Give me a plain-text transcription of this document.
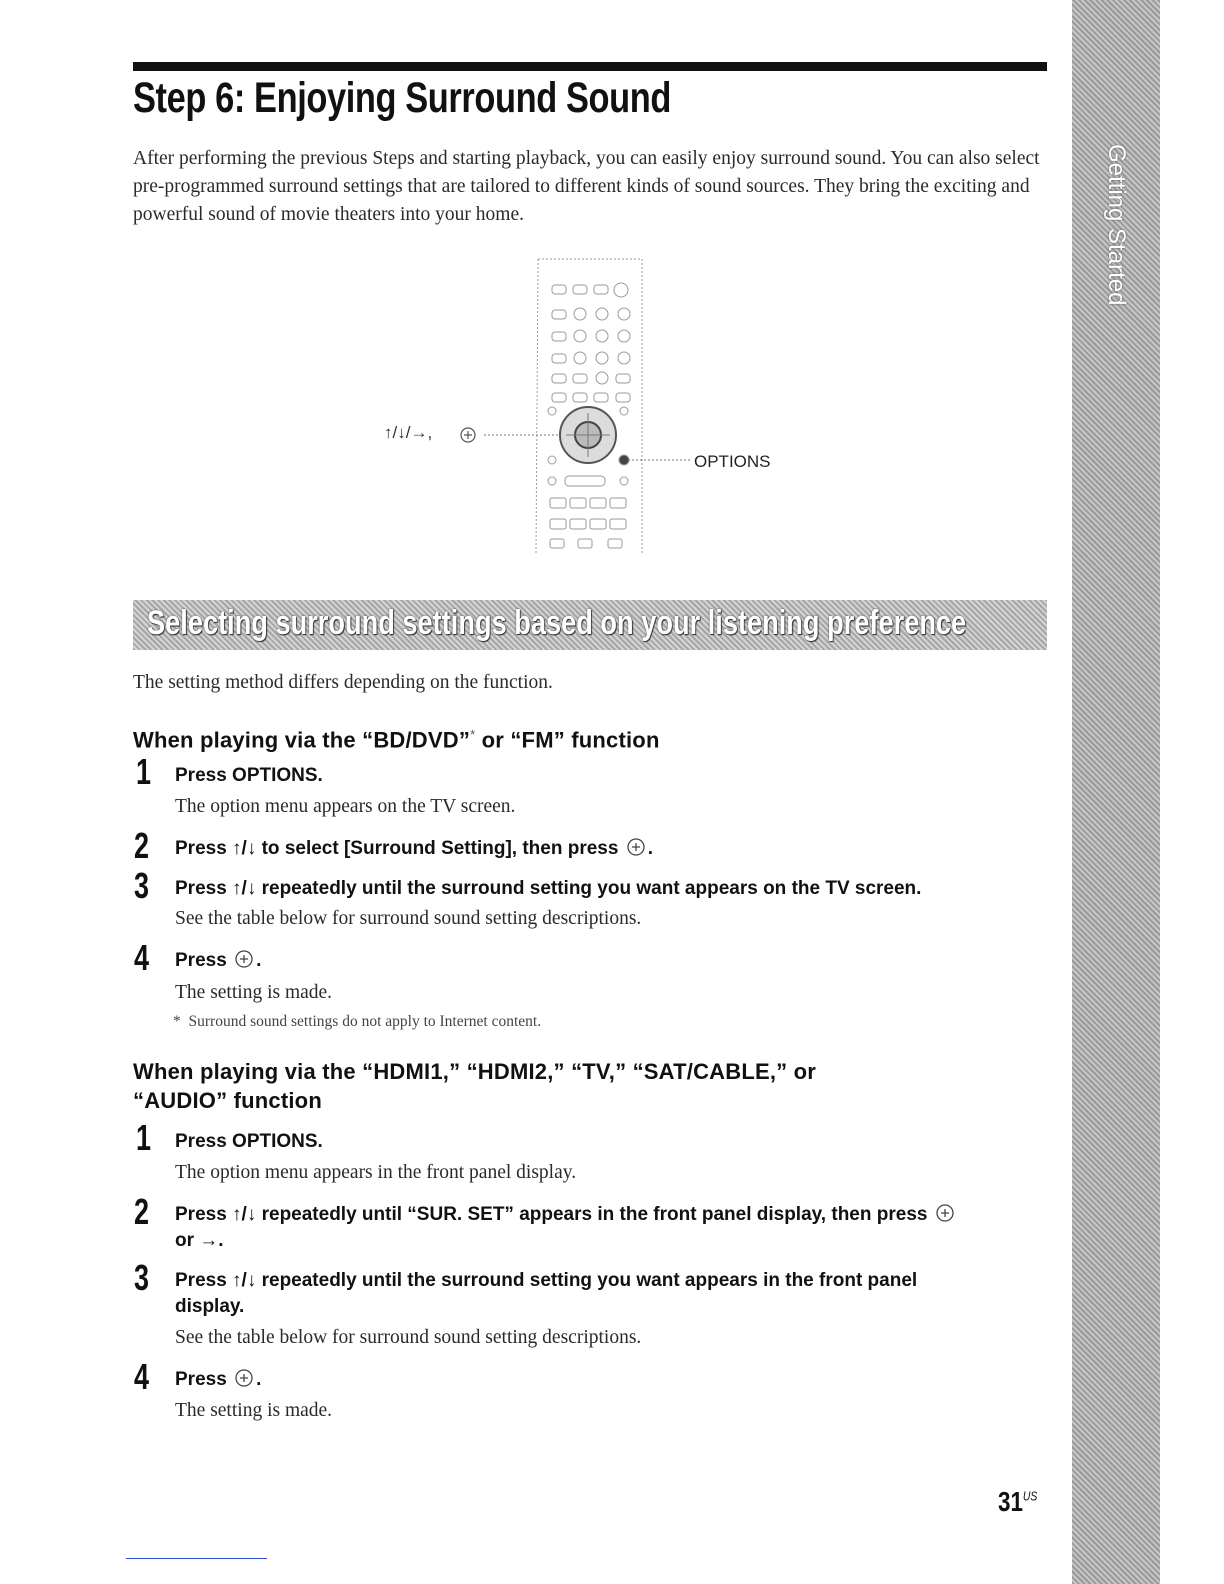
Step 6: Enjoying Surround Sound

After performing the previous Steps and starting playback, you can easily enjoy surround sound. You can also select pre-programmed surround settings that are tailored to different kinds of sound sources. They bring the exciting and powerful sound of movie theaters into your home.	Getting Started
↑/↓/→,
OPTIONS
Selecting surround settings based on your listening preference

The setting method differs depending on the function.

When playing via the “BD/DVD”* or “FM” function
1 Press OPTIONS.

The option menu appears on the TV screen.

2 Press ↑/↓ to select [Surround Setting], then press .
3 Press ↑/↓ repeatedly until the surround setting you want appears on the TV screen.

See the table below for surround sound setting descriptions.

4 Press .

The setting is made.

* Surround sound settings do not apply to Internet content.
When playing via the “HDMI1,” “HDMI2,” “TV,” “SAT/CABLE,” or
“AUDIO” function
1 Press OPTIONS.

The option menu appears in the front panel display.

2 Press ↑/↓ repeatedly until “SUR. SET” appears in the front panel display, then press
or →.
3 Press ↑/↓ repeatedly until the surround setting you want appears in the front panel
display.

See the table below for surround sound setting descriptions.

4 Press .

The setting is made.

$31^{US}$
